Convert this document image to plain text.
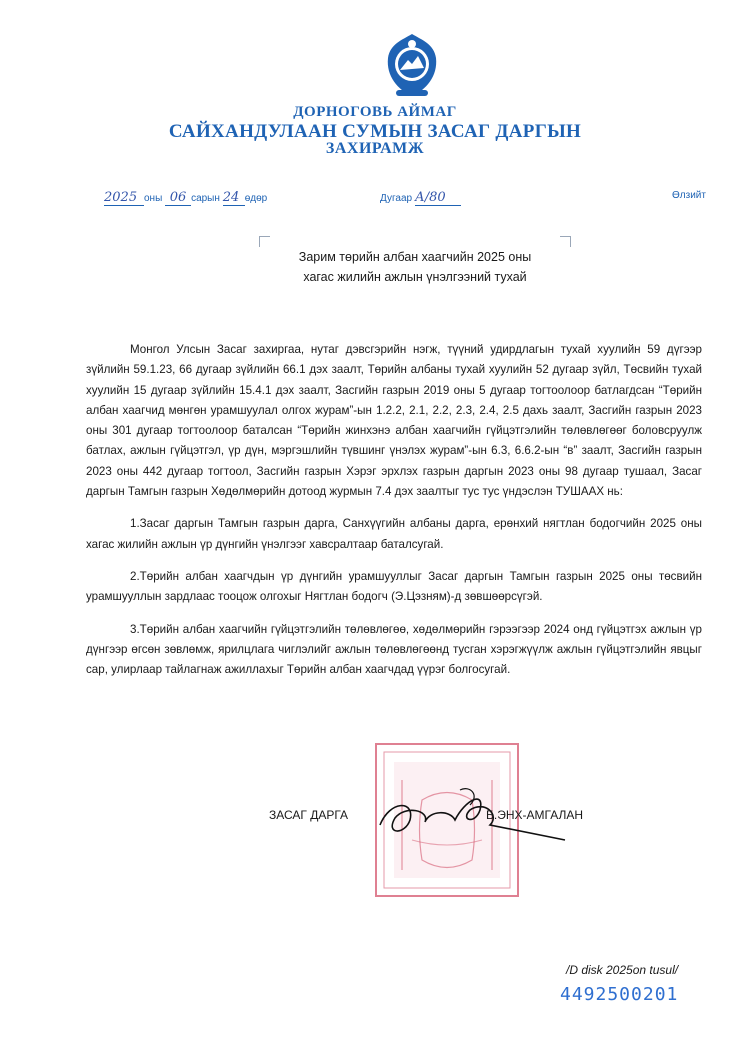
ДОРНОГОВЬ АЙМАГ
САЙХАНДУЛААН СУМЫН ЗАСАГ ДАРГЫН
ЗАХИРАМЖ
2025 оны 06 сарын 24 өдөр	Дугаар А/80	Өлзийт
Зарим төрийн албан хаагчийн 2025 оны
хагас жилийн ажлын үнэлгээний тухай

Монгол Улсын Засаг захиргаа, нутаг дэвсгэрийн нэгж, түүний удирдлагын тухай хуулийн 59 дүгээр зүйлийн 59.1.23, 66 дугаар зүйлийн 66.1 дэх заалт, Төрийн албаны тухай хуулийн 52 дугаар зүйл, Төсвийн тухай хуулийн 15 дугаар зүйлийн 15.4.1 дэх заалт, Засгийн газрын 2019 оны 5 дугаар тогтоолоор батлагдсан “Төрийн албан хаагчид мөнгөн урамшуулал олгох журам”-ын 1.2.2, 2.1, 2.2, 2.3, 2.4, 2.5 дахь заалт, Засгийн газрын 2023 оны 301 дугаар тогтоолоор баталсан “Төрийн жинхэнэ албан хаагчийн гүйцэтгэлийн төлөвлөгөөг боловсруулж батлах, ажлын гүйцэтгэл, үр дүн, мэргэшлийн түвшинг үнэлэх журам”-ын 6.3, 6.6.2-ын “в” заалт, Засгийн газрын 2023 оны 442 дугаар тогтоол, Засгийн газрын Хэрэг эрхлэх газрын даргын 2023 оны 98 дугаар тушаал, Засаг даргын Тамгын газрын Хөдөлмөрийн дотоод журмын 7.4 дэх заалтыг тус тус үндэслэн ТУШААХ нь:

1.Засаг даргын Тамгын газрын дарга, Санхүүгийн албаны дарга, ерөнхий нягтлан бодогчийн 2025 оны хагас жилийн ажлын үр дүнгийн үнэлгээг хавсралтаар баталсугай.

2.Төрийн албан хаагчдын үр дүнгийн урамшууллыг Засаг даргын Тамгын газрын 2025 оны төсвийн урамшууллын зардлаас тооцож олгохыг Нягтлан бодогч (Э.Цэзням)-д зөвшөөрсүгэй.

3.Төрийн албан хаагчийн гүйцэтгэлийн төлөвлөгөө, хөдөлмөрийн гэрээгээр 2024 онд гүйцэтгэх ажлын үр дүнгээр өгсөн зөвлөмж, ярилцлага чиглэлийг ажлын төлөвлөгөөнд тусган хэрэгжүүлж ажлын гүйцэтгэлийн явцыг сар, улирлаар тайлагнаж ажиллахыг Төрийн албан хаагчдад үүрэг болгосугай.

ЗАСАГ ДАРГА	Б.ЭНХ-АМГАЛАН
/D disk 2025on tusul/
4492500201
